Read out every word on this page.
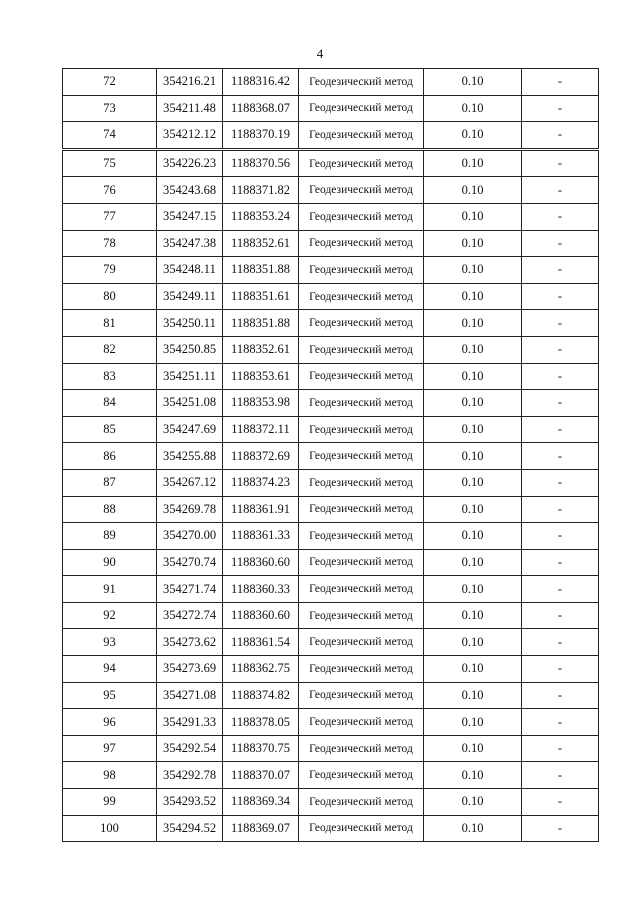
4
72	354216.21	1188316.42	Геодезический метод	0.10	-
73	354211.48	1188368.07	Геодезический метод	0.10	-
74	354212.12	1188370.19	Геодезический метод	0.10	-
75	354226.23	1188370.56	Геодезический метод	0.10	-
76	354243.68	1188371.82	Геодезический метод	0.10	-
77	354247.15	1188353.24	Геодезический метод	0.10	-
78	354247.38	1188352.61	Геодезический метод	0.10	-
79	354248.11	1188351.88	Геодезический метод	0.10	-
80	354249.11	1188351.61	Геодезический метод	0.10	-
81	354250.11	1188351.88	Геодезический метод	0.10	-
82	354250.85	1188352.61	Геодезический метод	0.10	-
83	354251.11	1188353.61	Геодезический метод	0.10	-
84	354251.08	1188353.98	Геодезический метод	0.10	-
85	354247.69	1188372.11	Геодезический метод	0.10	-
86	354255.88	1188372.69	Геодезический метод	0.10	-
87	354267.12	1188374.23	Геодезический метод	0.10	-
88	354269.78	1188361.91	Геодезический метод	0.10	-
89	354270.00	1188361.33	Геодезический метод	0.10	-
90	354270.74	1188360.60	Геодезический метод	0.10	-
91	354271.74	1188360.33	Геодезический метод	0.10	-
92	354272.74	1188360.60	Геодезический метод	0.10	-
93	354273.62	1188361.54	Геодезический метод	0.10	-
94	354273.69	1188362.75	Геодезический метод	0.10	-
95	354271.08	1188374.82	Геодезический метод	0.10	-
96	354291.33	1188378.05	Геодезический метод	0.10	-
97	354292.54	1188370.75	Геодезический метод	0.10	-
98	354292.78	1188370.07	Геодезический метод	0.10	-
99	354293.52	1188369.34	Геодезический метод	0.10	-
100	354294.52	1188369.07	Геодезический метод	0.10	-
